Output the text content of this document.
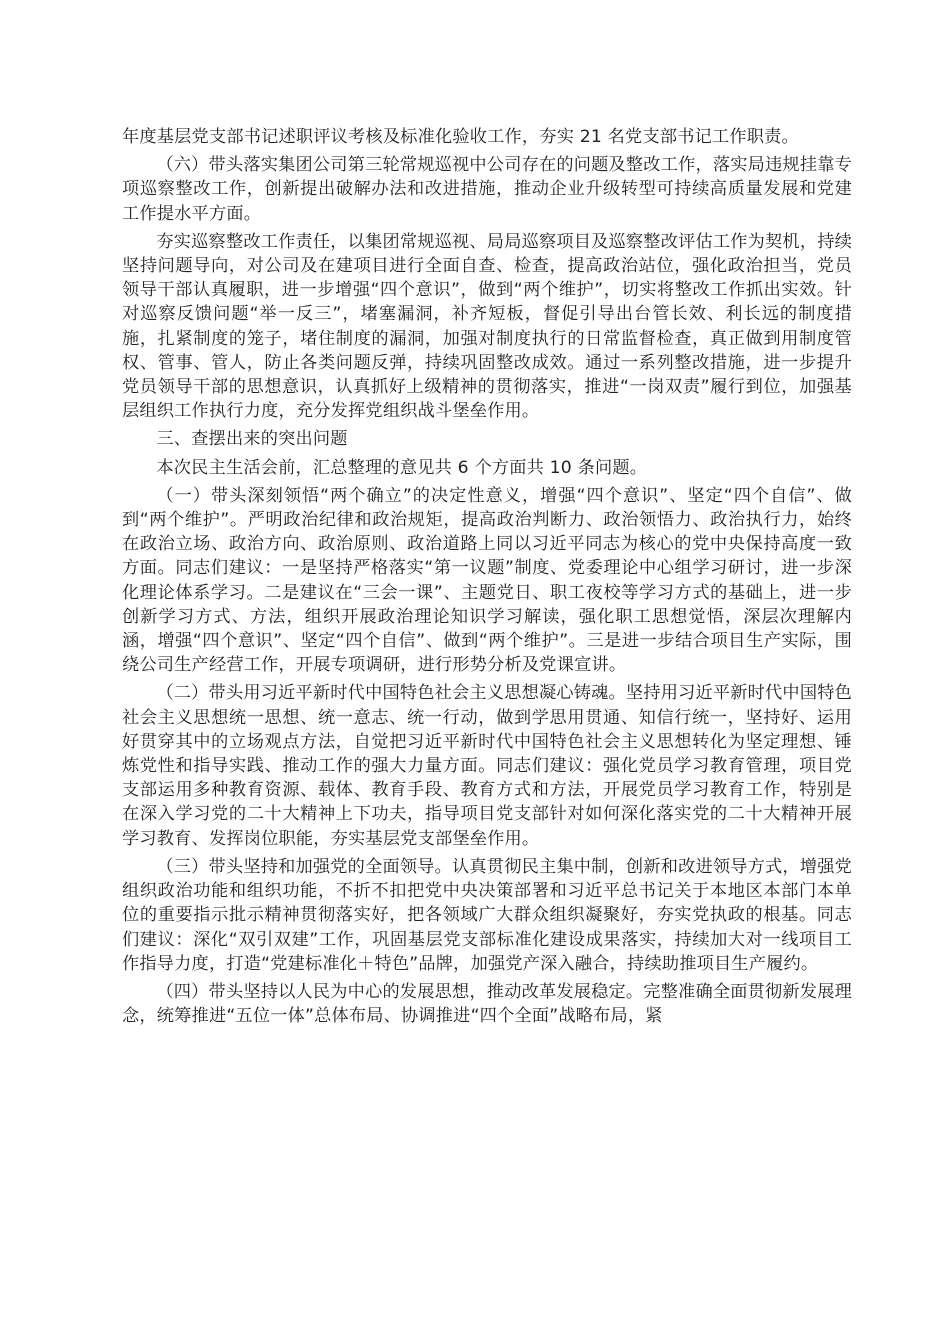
年度基层党支部书记述职评议考核及标准化验收工作，夯实 21 名党支部书记工作职责。

（六）带头落实集团公司第三轮常规巡视中公司存在的问题及整改工作，落实局违规挂靠专项巡察整改工作，创新提出破解办法和改进措施，推动企业升级转型可持续高质量发展和党建工作提水平方面。

夯实巡察整改工作责任，以集团常规巡视、局局巡察项目及巡察整改评估工作为契机，持续坚持问题导向，对公司及在建项目进行全面自查、检查，提高政治站位，强化政治担当，党员领导干部认真履职，进一步增强“四个意识”，做到“两个维护”，切实将整改工作抓出实效。针对巡察反馈问题“举一反三”，堵塞漏洞，补齐短板，督促引导出台管长效、利长远的制度措施，扎紧制度的笼子，堵住制度的漏洞，加强对制度执行的日常监督检查，真正做到用制度管权、管事、管人，防止各类问题反弹，持续巩固整改成效。通过一系列整改措施，进一步提升党员领导干部的思想意识，认真抓好上级精神的贯彻落实，推进“一岗双责”履行到位，加强基层组织工作执行力度，充分发挥党组织战斗堡垒作用。

三、查摆出来的突出问题

本次民主生活会前，汇总整理的意见共 6 个方面共 10 条问题。

（一）带头深刻领悟“两个确立”的决定性意义，增强“四个意识”、坚定“四个自信”、做到“两个维护”。严明政治纪律和政治规矩，提高政治判断力、政治领悟力、政治执行力，始终在政治立场、政治方向、政治原则、政治道路上同以习近平同志为核心的党中央保持高度一致方面。同志们建议：一是坚持严格落实“第一议题”制度、党委理论中心组学习研讨，进一步深化理论体系学习。二是建议在“三会一课”、主题党日、职工夜校等学习方式的基础上，进一步创新学习方式、方法，组织开展政治理论知识学习解读，强化职工思想觉悟，深层次理解内涵，增强“四个意识”、坚定“四个自信”、做到“两个维护”。三是进一步结合项目生产实际，围绕公司生产经营工作，开展专项调研，进行形势分析及党课宣讲。

（二）带头用习近平新时代中国特色社会主义思想凝心铸魂。坚持用习近平新时代中国特色社会主义思想统一思想、统一意志、统一行动，做到学思用贯通、知信行统一，坚持好、运用好贯穿其中的立场观点方法，自觉把习近平新时代中国特色社会主义思想转化为坚定理想、锤炼党性和指导实践、推动工作的强大力量方面。同志们建议：强化党员学习教育管理，项目党支部运用多种教育资源、载体、教育手段、教育方式和方法，开展党员学习教育工作，特别是在深入学习党的二十大精神上下功夫，指导项目党支部针对如何深化落实党的二十大精神开展学习教育、发挥岗位职能，夯实基层党支部堡垒作用。

（三）带头坚持和加强党的全面领导。认真贯彻民主集中制，创新和改进领导方式，增强党组织政治功能和组织功能，不折不扣把党中央决策部署和习近平总书记关于本地区本部门本单位的重要指示批示精神贯彻落实好，把各领域广大群众组织凝聚好，夯实党执政的根基。同志们建议：深化“双引双建”工作，巩固基层党支部标准化建设成果落实，持续加大对一线项目工作指导力度，打造“党建标准化＋特色”品牌，加强党产深入融合，持续助推项目生产履约。

（四）带头坚持以人民为中心的发展思想，推动改革发展稳定。完整准确全面贯彻新发展理念，统筹推进“五位一体”总体布局、协调推进“四个全面”战略布局，紧
